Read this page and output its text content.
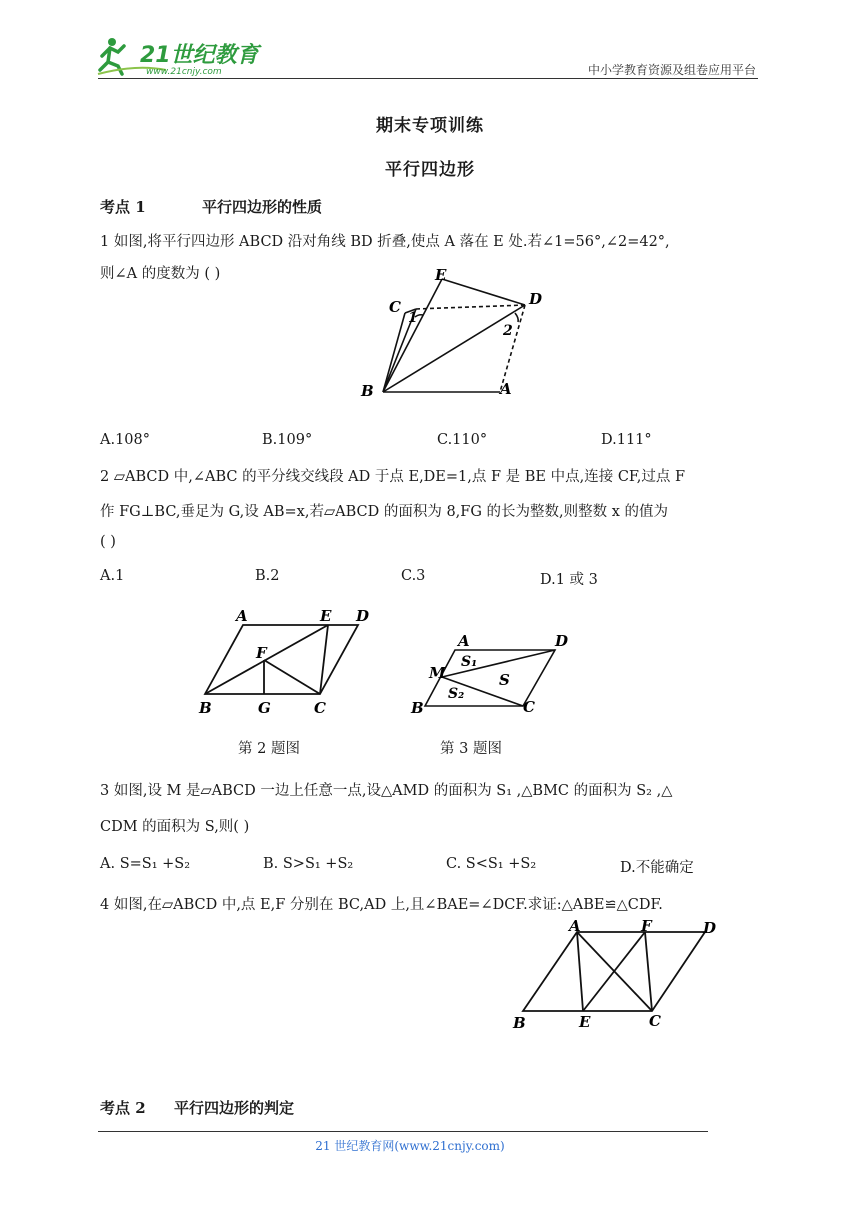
21世纪教育
www.21cnjy.com	中小学教育资源及组卷应用平台
期末专项训练
平行四边形
考点 1	平行四边形的性质
1 如图,将平行四边形 ABCD 沿对角线 BD 折叠,使点 A 落在 E 处.若∠1=56°,∠2=42°,
则∠A 的度数为 ( )	E
C	D
B	A
1
2
A.108°	B.109°	C.110°	D.111°
2 ▱ABCD 中,∠ABC 的平分线交线段 AD 于点 E,DE=1,点 F 是 BE 中点,连接 CF,过点 F
作 FG⊥BC,垂足为 G,设 AB=x,若▱ABCD 的面积为 8,FG 的长为整数,则整数 x 的值为
( )
A.1	B.2	C.3	D.1 或 3
A	E D
F
B	G	C
A	D
M
S₁
S
S₂
B	C
第 2 题图	第 3 题图
3 如图,设 M 是▱ABCD 一边上任意一点,设△AMD 的面积为 S₁ ,△BMC 的面积为 S₂ ,△
CDM 的面积为 S,则( )
A. S=S₁ +S₂	B. S>S₁ +S₂	C. S<S₁ +S₂	D.不能确定
4 如图,在▱ABCD 中,点 E,F 分别在 BC,AD 上,且∠BAE=∠DCF.求证:△ABE≌△CDF.
A	F	D
B	E	C
考点 2 平行四边形的判定
21 世纪教育网(www.21cnjy.com)
